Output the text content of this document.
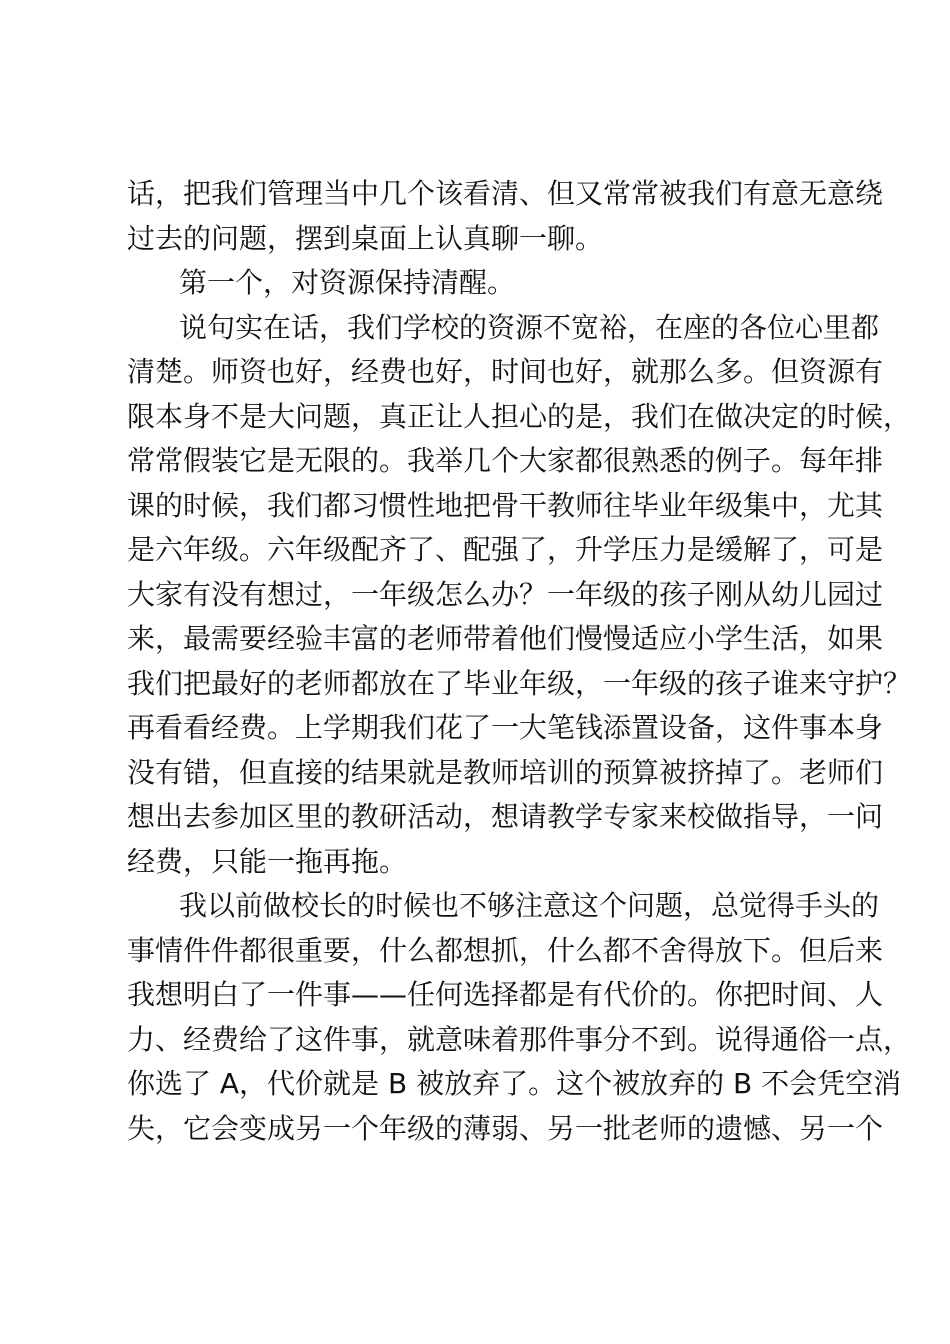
话，把我们管理当中几个该看清、但又常常被我们有意无意绕
过去的问题，摆到桌面上认真聊一聊。
第一个，对资源保持清醒。
说句实在话，我们学校的资源不宽裕，在座的各位心里都
清楚。师资也好，经费也好，时间也好，就那么多。但资源有
限本身不是大问题，真正让人担心的是，我们在做决定的时候，
常常假装它是无限的。我举几个大家都很熟悉的例子。每年排
课的时候，我们都习惯性地把骨干教师往毕业年级集中，尤其
是六年级。六年级配齐了、配强了，升学压力是缓解了，可是
大家有没有想过，一年级怎么办？一年级的孩子刚从幼儿园过
来，最需要经验丰富的老师带着他们慢慢适应小学生活，如果
我们把最好的老师都放在了毕业年级，一年级的孩子谁来守护？
再看看经费。上学期我们花了一大笔钱添置设备，这件事本身
没有错，但直接的结果就是教师培训的预算被挤掉了。老师们
想出去参加区里的教研活动，想请教学专家来校做指导，一问
经费，只能一拖再拖。
我以前做校长的时候也不够注意这个问题，总觉得手头的
事情件件都很重要，什么都想抓，什么都不舍得放下。但后来
我想明白了一件事——任何选择都是有代价的。你把时间、人
力、经费给了这件事，就意味着那件事分不到。说得通俗一点，
你选了 A，代价就是 B 被放弃了。这个被放弃的 B 不会凭空消
失，它会变成另一个年级的薄弱、另一批老师的遗憾、另一个
